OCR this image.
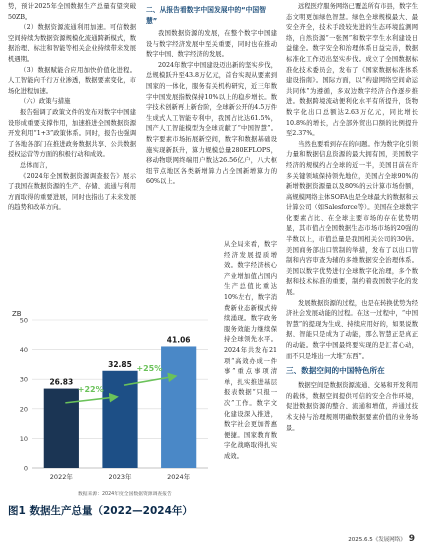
势，预计2025年全国数据生产总量有望突破50ZB。

（2）数据资源流通利用加速。可信数据空间持续为数据资源规模化流通跨新模式，数据治理、标注和智能等相关企业持续带来发展机遇期。

（3）数据赋能合应用加快价值化进程。人工智能向千行万业渗透，数据要素变化，市场化进程加速。

（六）政策与措施

报告强调了政策文件的发布对数字中国建设形成重要支撑作用，加速推进全国数据资源开发利用“1+3”政策体系。同时，报告也强调了各地各部门在推进政务数据共享、公共数据授权运营等方面的积极行动和成效。

总体而言，

《2024年全国数据资源调查报告》展示了我国在数据资源的生产、存储、流通与利用方面取得的重要进展，同时也指出了未来发展的趋势和改革方向。

二、从报告看数字中国发展中的“中国智慧”

我国数据资源的发展，在整个数字中国建设与数字经济发展中至关重要，同时也在推动数字中国、数字经济的发展。

2024年数字中国建设迈出新的坚实步伐，总规模跃升至43.8万亿元，首台实现从要素到国家的一体化，服务有关机构研究，近三年数字中国发展指数保持10%以上的稳步增长。数字技术创新再上新台阶，全球新公开的4.5万件生成式人工智能专利中，我国占比达61.5%，国产人工智能模型为全球贡献了“中国智慧”。数字要素市场拓展新空间，数字和数据基础设施实现新跃升，算力规模总量280EFLOPS，移动物联网终端用户数达26.56亿户，八大枢纽节点地区各类新增算力占全国新增算力的60%以上。

从全局来看，数字经济发展提质增效。数字经济核心产业增加值占国内生产总值比重达10%左右，数字消费新业态新模式持续涌现。数字政务服务效能力继续保持全球领先水平。2024年共发布21项“高效办成一件事”重点事项清单，扎实推进基层报表数据“只报一次”工作。数字文化建设深入推进，数字社会更加普惠便捷。国家教育数字化战略取得扎实成效。

ZB
0
10
20
30
40
50
26.83
2022年
32.85
2023年
41.06
2024年
+22%
+25%
数据来源：2024年度全国数据资源调查报告
图1 数据生产总量（2022—2024年）

远程医疗服务网络已覆盖所有市县，数字生态文明更加绿色智慧。绿色全球规模最大、最安全齐全，技术手段较先进的生态环境监测网络，自然资源“一张图”和数字孪生水利建设日益健全。数字安全和治理体系日益完善，数据标准化工作迈出坚实步伐。成立了全国数据标准化技术委员会，发布了《国家数据标准体系建设指南》。国际方面，以“构建网络空间命运共同体”为遵循，多双边数字经济合作逐步推进。数据跨境流动便利化水平有所提升，货物数字化出口总额达2.63万亿元，同比增长10.8%的增长，占全部外贸出口额的比例提升至2.37%。

当然也要看到存在的问题。作为数字化引领力量和数据信息资源的最大拥有国，美国数字经济的规模约占全球的近一半，美国目前在许多关键领域保持领先地位，美国占全球90%的新增数据资源量以及80%的云计算市场份额，高规模网络主体SOFA也是全球最大的数据和云计算公司（如Salesforce等）。美国在全球数字化要素占比、在全球主要市场的存在优势明显，其市值占全国数据生态市场市场的20强的半数以上，市值总量是我国相关公司的30倍。美国商务部出口管制的举措，发布了以出口管制和内容审查为辅的多维数据安全治理体系。美国以数字优势进行全球数字化治理，多个数据和技术标准的重要，制约着我国数字化的发展。

发展数据资源的过程，也是在转换优势为经济社会发展动能的过程。在这一过程中，“中国智慧”的提现为生成、持续应用好的，如果说数据、智能只是成为了动能，那么智慧正是真正的动能。数字中国最终要实现的是汇者心动，而不只是堆出一大堆“东西”。

三、数据空间的中国特色所在

数据空间是数据资源流通、交易和开发利用的载体，数据空间提供可信的安全合作环境，促进数据资源的整合、流通和增值，并通过技术支持与治理规则明确数据要素价值的业务场景。

2025.6.5《发展网络》 9
